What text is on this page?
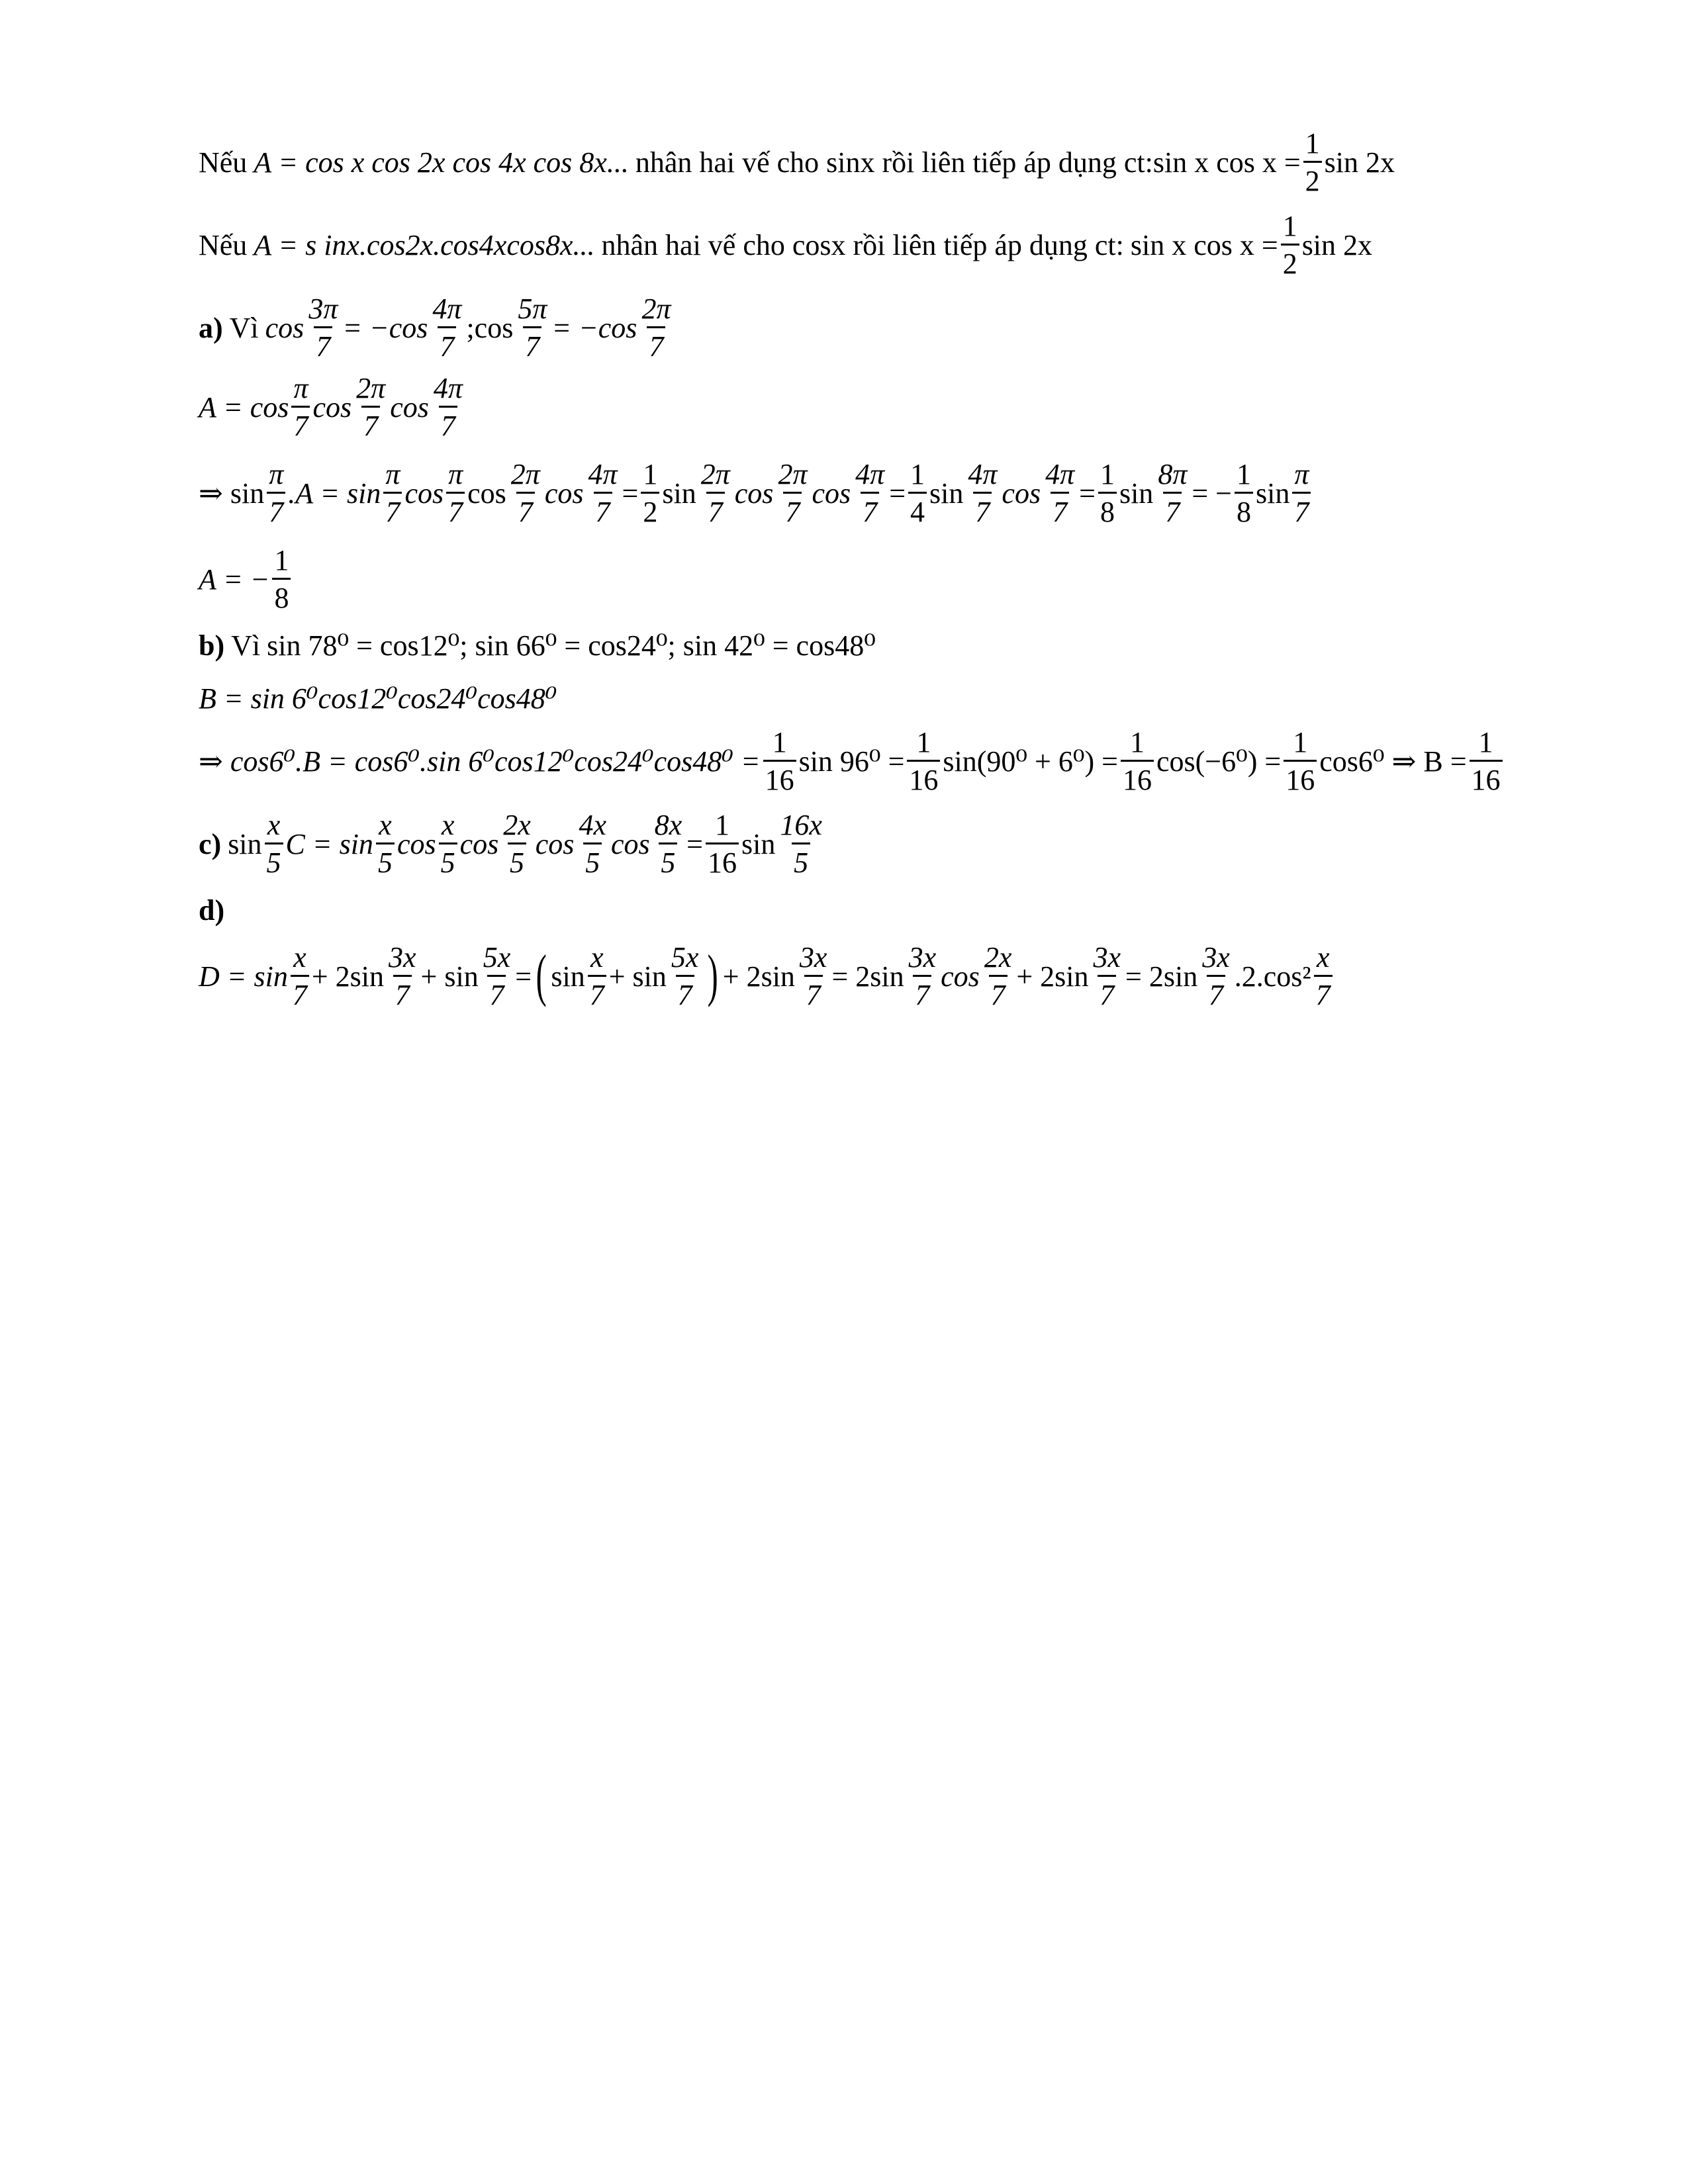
Nếu A = cos x cos 2x cos 4x cos 8x... nhân hai vế cho sinx rồi liên tiếp áp dụng ct: sin x $\cos x = \frac{1}{2}$ sin 2x
Nếu A = s inx.cos2x.cos4xcos8x... nhân hai vế cho cosx rồi liên tiếp áp dụng ct: sin x $\cos x = \frac{1}{2}$ sin 2x
a) Vì $\cos \frac{3\pi}{7} = -\cos \frac{4\pi}{7}$ ;cos $\frac{5\pi}{7} = -\cos \frac{2\pi}{7}$
$A = \cos \frac{\pi}{7}$ $\cos \frac{2\pi}{7}$ $\cos \frac{4\pi}{7}$
⇒ $\sin \frac{\pi}{7} .A = \sin \frac{\pi}{7}$ $\cos \frac{\pi}{7}$ $\cos \frac{2\pi}{7}$ $\cos \frac{4\pi}{7} = \frac{1}{2}$ $\sin \frac{2\pi}{7}$ $\cos \frac{2\pi}{7}$ $\cos \frac{4\pi}{7} = \frac{1}{4}$ $\sin \frac{4\pi}{7}$ $\cos \frac{4\pi}{7} = \frac{1}{8}$ $\sin \frac{8\pi}{7}$ = − $\frac{1}{8}$ $\sin \frac{\pi}{7}$
A = − $\frac{1}{8}$
b) Vì sin 78⁰ = cos12⁰; sin 66⁰ = cos24⁰; sin 42⁰ = cos48⁰
B = sin 6⁰cos12⁰cos24⁰cos48⁰
⇒ cos6⁰.B = cos6⁰.sin $6^0\cos 12^0\cos 24^0\cos 48^0 = \frac{1}{16}$ $\sin 96^0 = \frac{1}{16} \sin(90^0 + 6^0) = \frac{1}{16} \cos(-6^0) = \frac{1}{16} \cos 6^0$ ⇒ $B = \frac{1}{16}$
c) $\sin \frac{x}{5}$ $C = \sin \frac{x}{5}$ $\cos \frac{x}{5}$ $\cos \frac{2x}{5}$ $\cos \frac{4x}{5}$ $\cos \frac{8x}{5} = \frac{1}{16}$ $\sin \frac{16x}{5}$
d)
$D = \sin \frac{x}{7} + 2\sin \frac{3x}{7} + \sin \frac{5x}{7}$ = ( $\sin \frac{x}{7} + \sin \frac{5x}{7}$ ) + $2\sin \frac{3x}{7} = 2\sin \frac{3x}{7}$ $\cos \frac{2x}{7} + 2\sin \frac{3x}{7} = 2\sin \frac{3x}{7} .2.\cos^2 \frac{x}{7}$
